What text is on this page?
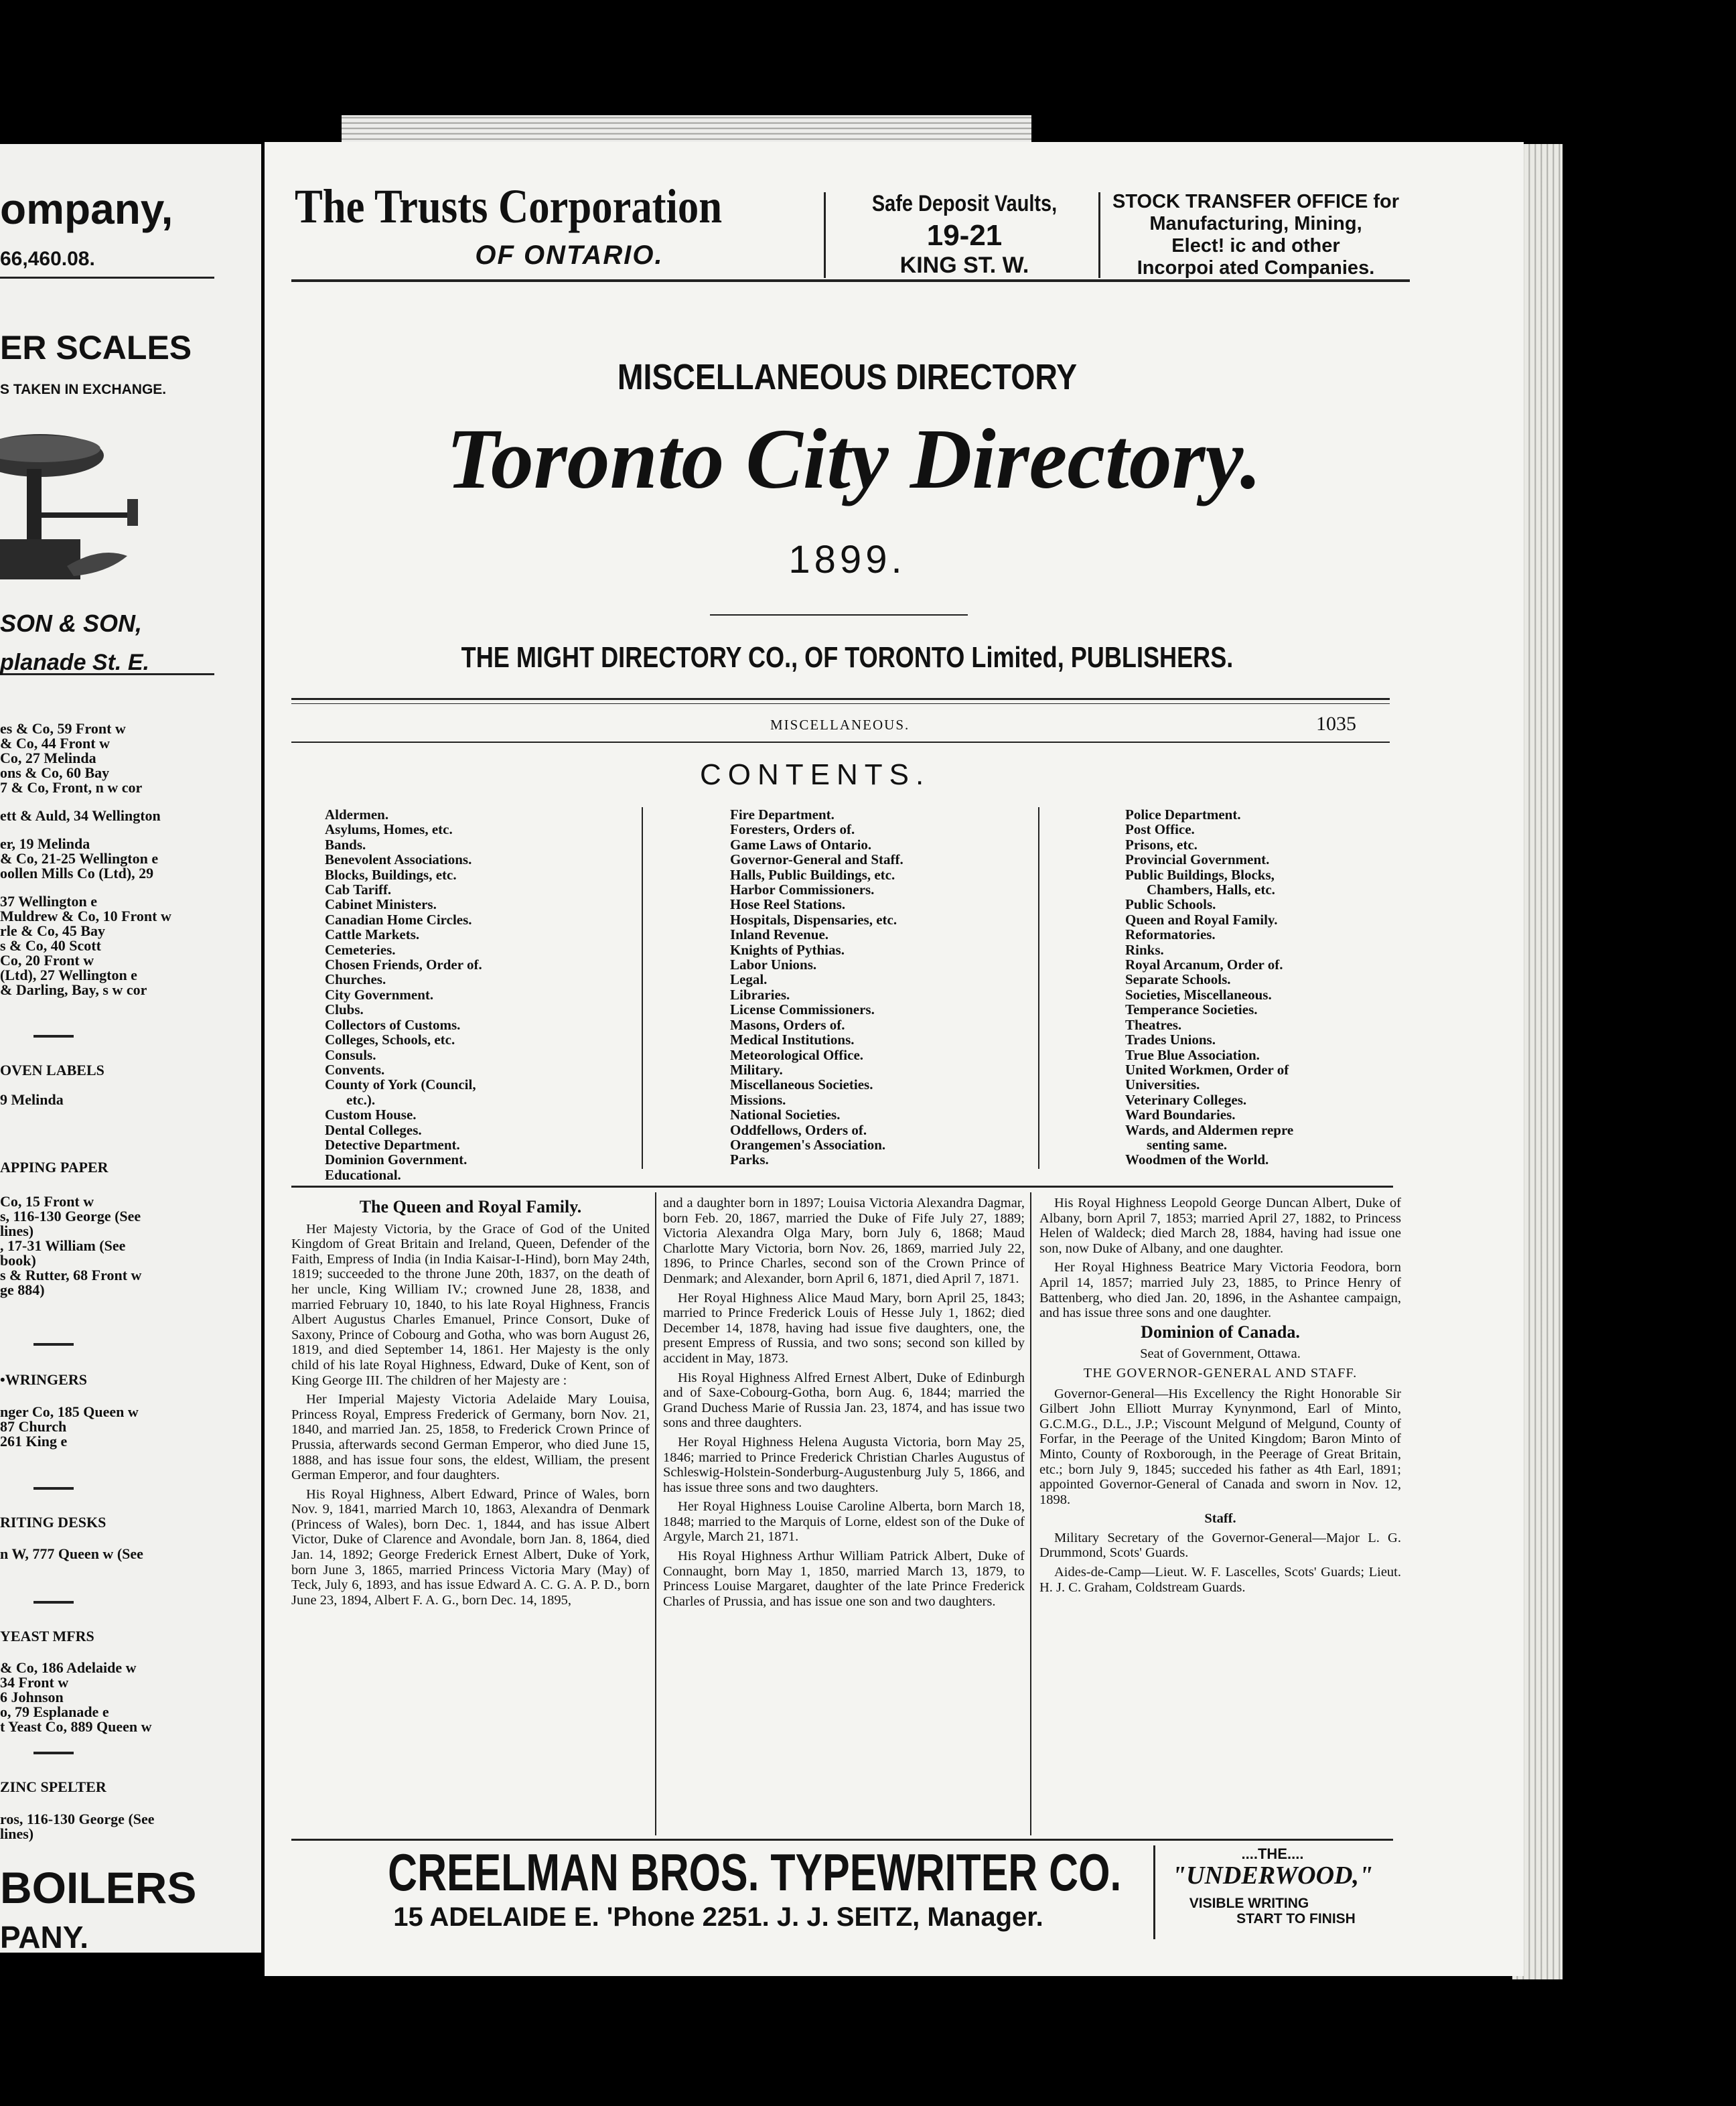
ompany,
66,460.08.
ER SCALES
S TAKEN IN EXCHANGE.
SON & SON,
planade St. E.
es & Co, 59 Front w
& Co, 44 Front w
Co, 27 Melinda
ons & Co, 60 Bay
7 & Co, Front, n w cor
ett & Auld, 34 Wellington
er, 19 Melinda
& Co, 21-25 Wellington e
oollen Mills Co (Ltd), 29
37 Wellington e
Muldrew & Co, 10 Front w
rle & Co, 45 Bay
s & Co, 40 Scott
Co, 20 Front w
(Ltd), 27 Wellington e
& Darling, Bay, s w cor
OVEN LABELS
9 Melinda
APPING PAPER
Co, 15 Front w
s, 116-130 George (See
lines)
, 17-31 William (See
book)
s & Rutter, 68 Front w
ge 884)
•WRINGERS
nger Co, 185 Queen w
87 Church
261 King e
RITING DESKS
n W, 777 Queen w (See
YEAST MFRS
& Co, 186 Adelaide w
34 Front w
6 Johnson
o, 79 Esplanade e
t Yeast Co, 889 Queen w
ZINC SPELTER
ros, 116-130 George (See
lines)
BOILERS
PANY.
The Trusts Corporation
OF ONTARIO.
Safe Deposit Vaults,
19-21
KING ST. W.
STOCK TRANSFER OFFICE for
Manufacturing, Mining,
Elect! ic and other
Incorpoi ated Companies.
MISCELLANEOUS DIRECTORY
Toronto City Directory.
1899.
THE MIGHT DIRECTORY CO., OF TORONTO Limited, PUBLISHERS.
MISCELLANEOUS.	1035
CONTENTS.
Aldermen.
Asylums, Homes, etc.
Bands.
Benevolent Associations.
Blocks, Buildings, etc.
Cab Tariff.
Cabinet Ministers.
Canadian Home Circles.
Cattle Markets.
Cemeteries.
Chosen Friends, Order of.
Churches.
City Government.
Clubs.
Collectors of Customs.
Colleges, Schools, etc.
Consuls.
Convents.
County of York (Council,
etc.).
Custom House.
Dental Colleges.
Detective Department.
Dominion Government.
Educational.
Fire Department.
Foresters, Orders of.
Game Laws of Ontario.
Governor-General and Staff.
Halls, Public Buildings, etc.
Harbor Commissioners.
Hose Reel Stations.
Hospitals, Dispensaries, etc.
Inland Revenue.
Knights of Pythias.
Labor Unions.
Legal.
Libraries.
License Commissioners.
Masons, Orders of.
Medical Institutions.
Meteorological Office.
Military.
Miscellaneous Societies.
Missions.
National Societies.
Oddfellows, Orders of.
Orangemen's Association.
Parks.
Police Department.
Post Office.
Prisons, etc.
Provincial Government.
Public Buildings, Blocks,
Chambers, Halls, etc.
Public Schools.
Queen and Royal Family.
Reformatories.
Rinks.
Royal Arcanum, Order of.
Separate Schools.
Societies, Miscellaneous.
Temperance Societies.
Theatres.
Trades Unions.
True Blue Association.
United Workmen, Order of
Universities.
Veterinary Colleges.
Ward Boundaries.
Wards, and Aldermen repre
senting same.
Woodmen of the World.
The Queen and Royal Family.

Her Majesty Victoria, by the Grace of God of the United Kingdom of Great Britain and Ireland, Queen, Defender of the Faith, Empress of India (in India Kaisar-I-Hind), born May 24th, 1819; succeeded to the throne June 20th, 1837, on the death of her uncle, King William IV.; crowned June 28, 1838, and married February 10, 1840, to his late Royal Highness, Francis Albert Augustus Charles Emanuel, Prince Consort, Duke of Saxony, Prince of Cobourg and Gotha, who was born August 26, 1819, and died September 14, 1861. Her Majesty is the only child of his late Royal Highness, Edward, Duke of Kent, son of King George III. The children of her Majesty are :

Her Imperial Majesty Victoria Adelaide Mary Louisa, Princess Royal, Empress Frederick of Germany, born Nov. 21, 1840, and married Jan. 25, 1858, to Frederick Crown Prince of Prussia, afterwards second German Emperor, who died June 15, 1888, and has issue four sons, the eldest, William, the present German Emperor, and four daughters.

His Royal Highness, Albert Edward, Prince of Wales, born Nov. 9, 1841, married March 10, 1863, Alexandra of Denmark (Princess of Wales), born Dec. 1, 1844, and has issue Albert Victor, Duke of Clarence and Avondale, born Jan. 8, 1864, died Jan. 14, 1892; George Frederick Ernest Albert, Duke of York, born June 3, 1865, married Princess Victoria Mary (May) of Teck, July 6, 1893, and has issue Edward A. C. G. A. P. D., born June 23, 1894, Albert F. A. G., born Dec. 14, 1895,

and a daughter born in 1897; Louisa Victoria Alexandra Dagmar, born Feb. 20, 1867, married the Duke of Fife July 27, 1889; Victoria Alexandra Olga Mary, born July 6, 1868; Maud Charlotte Mary Victoria, born Nov. 26, 1869, married July 22, 1896, to Prince Charles, second son of the Crown Prince of Denmark; and Alexander, born April 6, 1871, died April 7, 1871.

Her Royal Highness Alice Maud Mary, born April 25, 1843; married to Prince Frederick Louis of Hesse July 1, 1862; died December 14, 1878, having had issue five daughters, one, the present Empress of Russia, and two sons; second son killed by accident in May, 1873.

His Royal Highness Alfred Ernest Albert, Duke of Edinburgh and of Saxe-Cobourg-Gotha, born Aug. 6, 1844; married the Grand Duchess Marie of Russia Jan. 23, 1874, and has issue two sons and three daughters.

Her Royal Highness Helena Augusta Victoria, born May 25, 1846; married to Prince Frederick Christian Charles Augustus of Schleswig-Holstein-Sonderburg-Augustenburg July 5, 1866, and has issue three sons and two daughters.

Her Royal Highness Louise Caroline Alberta, born March 18, 1848; married to the Marquis of Lorne, eldest son of the Duke of Argyle, March 21, 1871.

His Royal Highness Arthur William Patrick Albert, Duke of Connaught, born May 1, 1850, married March 13, 1879, to Princess Louise Margaret, daughter of the late Prince Frederick Charles of Prussia, and has issue one son and two daughters.

His Royal Highness Leopold George Duncan Albert, Duke of Albany, born April 7, 1853; married April 27, 1882, to Princess Helen of Waldeck; died March 28, 1884, having had issue one son, now Duke of Albany, and one daughter.

Her Royal Highness Beatrice Mary Victoria Feodora, born April 14, 1857; married July 23, 1885, to Prince Henry of Battenberg, who died Jan. 20, 1896, in the Ashantee campaign, and has issue three sons and one daughter.

Dominion of Canada.
Seat of Government, Ottawa.
THE GOVERNOR-GENERAL AND STAFF.

Governor-General—His Excellency the Right Honorable Sir Gilbert John Elliott Murray Kynynmond, Earl of Minto, G.C.M.G., D.L., J.P.; Viscount Melgund of Melgund, County of Forfar, in the Peerage of the United Kingdom; Baron Minto of Minto, County of Roxborough, in the Peerage of Great Britain, etc.; born July 9, 1845; succeded his father as 4th Earl, 1891; appointed Governor-General of Canada and sworn in Nov. 12, 1898.

Staff.

Military Secretary of the Governor-General—Major L. G. Drummond, Scots' Guards.

Aides-de-Camp—Lieut. W. F. Lascelles, Scots' Guards; Lieut. H. J. C. Graham, Coldstream Guards.

CREELMAN BROS. TYPEWRITER CO.
15 ADELAIDE E. 'Phone 2251. J. J. SEITZ, Manager.
....THE....
"UNDERWOOD,"
VISIBLE WRITING
START TO FINISH
